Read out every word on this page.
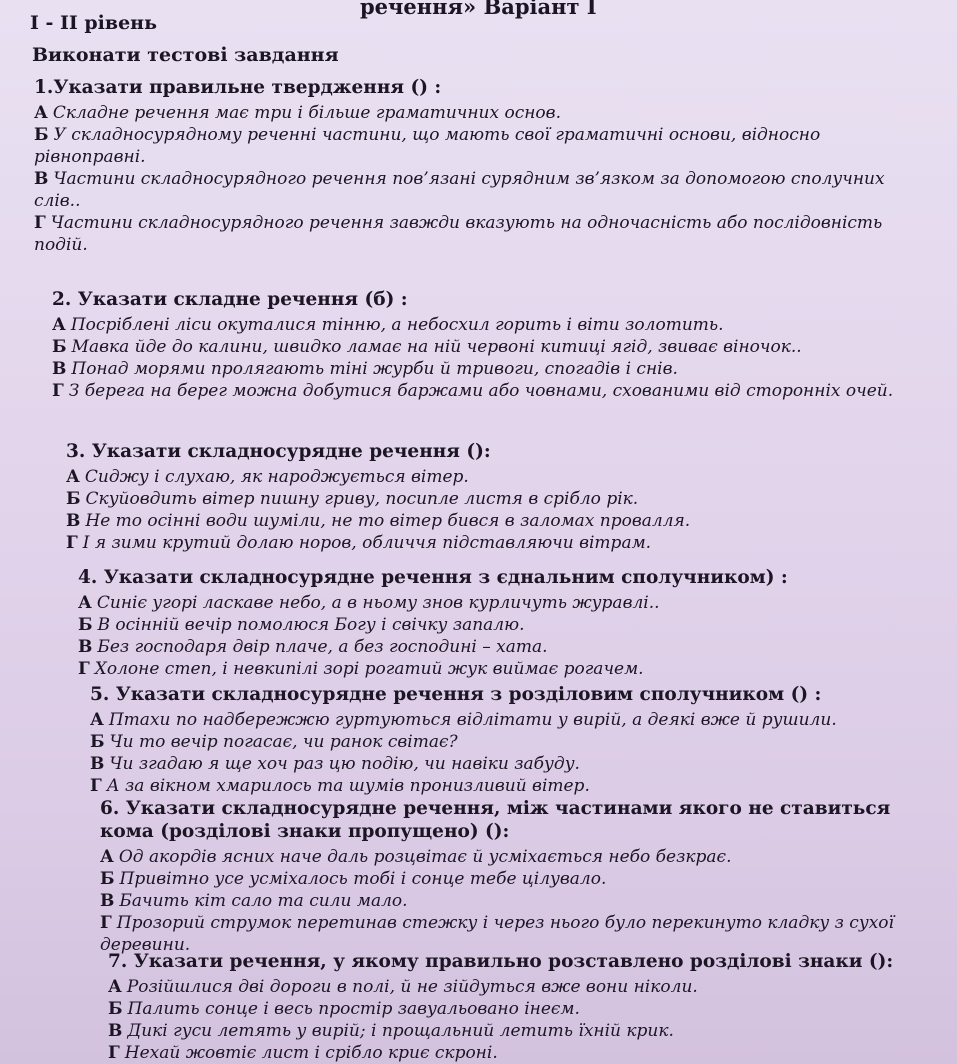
речення» Варіант І
І - ІІ рівень
Виконати тестові завдання

1.Указати правильне твердження () :

А Складне речення має три і більше граматичних основ.

Б У складносурядному реченні частини, що мають свої граматичні основи, відносно рівноправні.

В Частини складносурядного речення пов’язані сурядним зв’язком за допомогою сполучних слів..

Г Частини складносурядного речення завжди вказують на одночасність або послідовність подій.

2. Указати складне речення (б) :

А Посріблені ліси окуталися тінню, а небосхил горить і віти золотить.

Б Мавка йде до калини, швидко ламає на ній червоні китиці ягід, звиває віночок..

В Понад морями пролягають тіні журби й тривоги, спогадів і снів.

Г З берега на берег можна добутися баржами або човнами, схованими від сторонніх очей.

3. Указати складносурядне речення ():

А Сиджу і слухаю, як народжується вітер.

Б Скуйовдить вітер пишну гриву, посипле листя в срібло рік.

В Не то осінні води шуміли, не то вітер бився в заломах провалля.

Г І я зими крутий долаю норов, обличчя підставляючи вітрам.

4. Указати складносурядне речення з єднальним сполучником) :

А Синіє угорі ласкаве небо, а в ньому знов курличуть журавлі..

Б В осінній вечір помолюся Богу і свічку запалю.

В Без господаря двір плаче, а без господині – хата.

Г Холоне степ, і невкипілі зорі рогатий жук виймає рогачем.

5. Указати складносурядне речення з розділовим сполучником () :

А Птахи по надбережжю гуртуються відлітати у вирій, а деякі вже й рушили.

Б Чи то вечір погасає, чи ранок світає?

В Чи згадаю я ще хоч раз цю подію, чи навіки забуду.

Г А за вікном хмарилось та шумів пронизливий вітер.

6. Указати складносурядне речення, між частинами якого не ставиться кома (розділові знаки пропущено) ():

А Од акордів ясних наче даль розцвітає й усміхається небо безкрає.

Б Привітно усе усміхалось тобі і сонце тебе цілувало.

В Бачить кіт сало та сили мало.

Г Прозорий струмок перетинав стежку і через нього було перекинуто кладку з сухої деревини.

7. Указати речення, у якому правильно розставлено розділові знаки ():

А Розійшлися дві дороги в полі, й не зійдуться вже вони ніколи.

Б Палить сонце і весь простір завуальовано інеєм.

В Дикі гуси летять у вирій; і прощальний летить їхній крик.

Г Нехай жовтіє лист і срібло криє скроні.
